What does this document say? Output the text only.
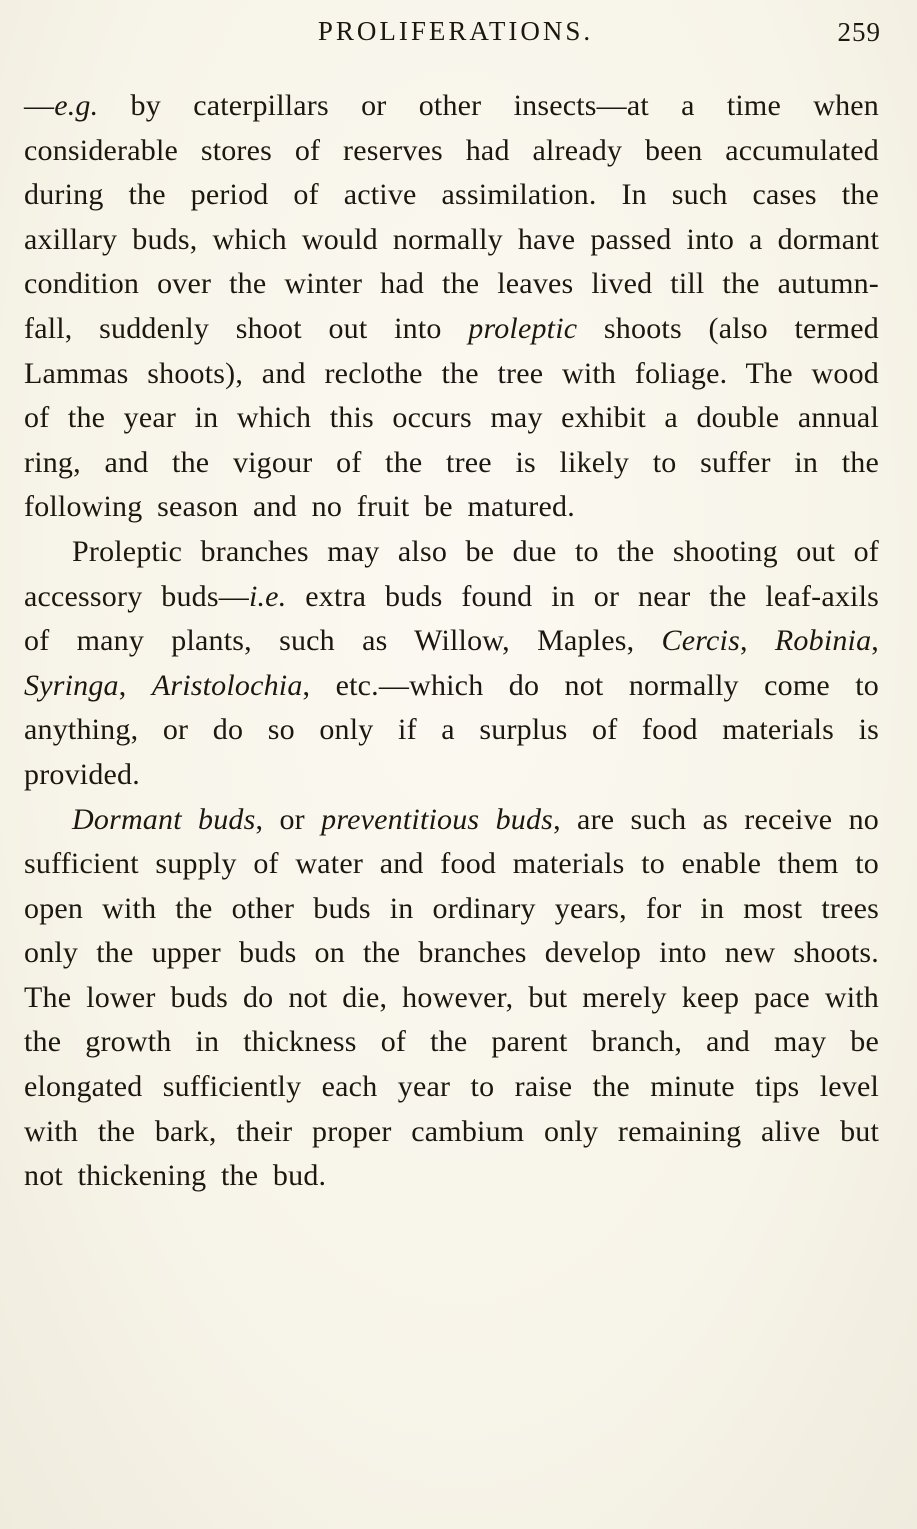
PROLIFERATIONS.	259

—e.g. by caterpillars or other insects—at a time when considerable stores of reserves had already been accumulated during the period of active assimilation. In such cases the axillary buds, which would normally have passed into a dormant condition over the winter had the leaves lived till the autumn-fall, suddenly shoot out into proleptic shoots (also termed Lammas shoots), and reclothe the tree with foliage. The wood of the year in which this occurs may exhibit a double annual ring, and the vigour of the tree is likely to suffer in the following season and no fruit be matured.

Proleptic branches may also be due to the shooting out of accessory buds—i.e. extra buds found in or near the leaf-axils of many plants, such as Willow, Maples, Cercis, Robinia, Syringa, Aristolochia, etc.—which do not normally come to anything, or do so only if a surplus of food materials is provided.

Dormant buds, or preventitious buds, are such as receive no sufficient supply of water and food materials to enable them to open with the other buds in ordinary years, for in most trees only the upper buds on the branches develop into new shoots. The lower buds do not die, however, but merely keep pace with the growth in thickness of the parent branch, and may be elongated sufficiently each year to raise the minute tips level with the bark, their proper cambium only remaining alive but not thickening the bud.
